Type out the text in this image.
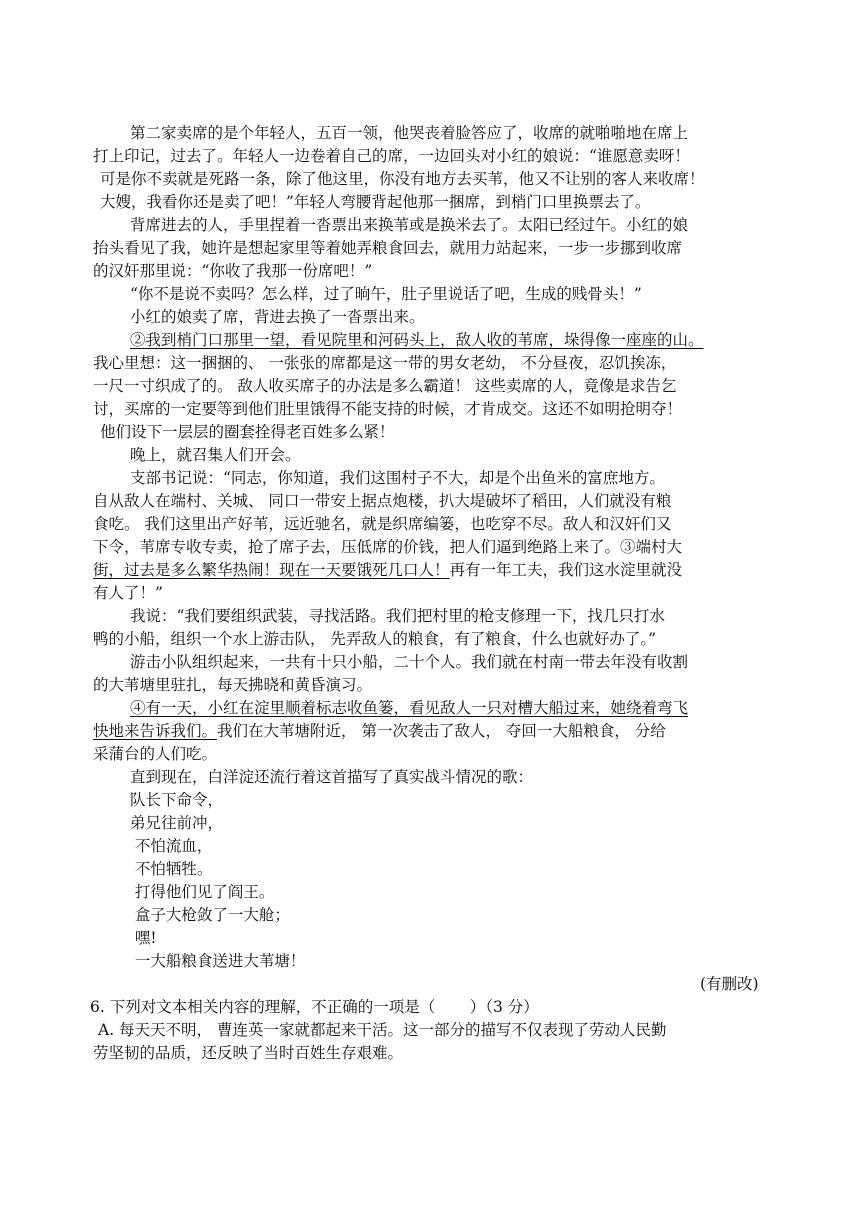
第二家卖席的是个年轻人，五百一领，他哭丧着脸答应了，收席的就啪啪地在席上
打上印记，过去了。年轻人一边卷着自己的席，一边回头对小红的娘说：“谁愿意卖呀！
可是你不卖就是死路一条，除了他这里，你没有地方去买苇，他又不让别的客人来收席！
大嫂，我看你还是卖了吧！”年轻人弯腰背起他那一捆席，到梢门口里换票去了。
背席进去的人，手里捏着一沓票出来换苇或是换米去了。太阳已经过午。小红的娘
抬头看见了我，她许是想起家里等着她弄粮食回去，就用力站起来，一步一步挪到收席
的汉奸那里说：“你收了我那一份席吧！”
“你不是说不卖吗？怎么样，过了晌午，肚子里说话了吧，生成的贱骨头！”
小红的娘卖了席，背进去换了一沓票出来。
②我到梢门口那里一望，看见院里和河码头上，敌人收的苇席，垛得像一座座的山。
我心里想：这一捆捆的、 一张张的席都是这一带的男女老幼， 不分昼夜，忍饥挨冻，
一尺一寸织成了的。 敌人收买席子的办法是多么霸道！ 这些卖席的人，竟像是求告乞
讨，买席的一定要等到他们肚里饿得不能支持的时候，才肯成交。这还不如明抢明夺！
他们设下一层层的圈套拴得老百姓多么紧！
晚上，就召集人们开会。
支部书记说：“同志，你知道，我们这围村子不大，却是个出鱼米的富庶地方。
自从敌人在端村、关城、 同口一带安上据点炮楼，扒大堤破坏了稻田，人们就没有粮
食吃。 我们这里出产好苇，远近驰名，就是织席编篓，也吃穿不尽。敌人和汉奸们又
下令，苇席专收专卖，抢了席子去，压低席的价钱，把人们逼到绝路上来了。③端村大
街，过去是多么繁华热闹！现在一天要饿死几口人！再有一年工夫，我们这水淀里就没
有人了！”
我说：“我们要组织武装，寻找活路。我们把村里的枪支修理一下，找几只打水
鸭的小船，组织一个水上游击队， 先弄敌人的粮食，有了粮食，什么也就好办了。”
游击小队组织起来，一共有十只小船，二十个人。我们就在村南一带去年没有收割
的大苇塘里驻扎，每天拂晓和黄昏演习。
④有一天，小红在淀里顺着标志收鱼篓，看见敌人一只对槽大船过来，她绕着弯飞
快地来告诉我们。我们在大苇塘附近， 第一次袭击了敌人， 夺回一大船粮食， 分给
采蒲台的人们吃。
直到现在，白洋淀还流行着这首描写了真实战斗情况的歌：
队长下命令，
弟兄往前冲，
不怕流血，
不怕牺牲。
打得他们见了阎王。
盒子大枪敛了一大舱；
嘿!
一大船粮食送进大苇塘！
(有删改)
6. 下列对文本相关内容的理解，不正确的一项是（       ）（3 分）
A. 每天天不明， 曹连英一家就都起来干活。这一部分的描写不仅表现了劳动人民勤
劳坚韧的品质，还反映了当时百姓生存艰难。
